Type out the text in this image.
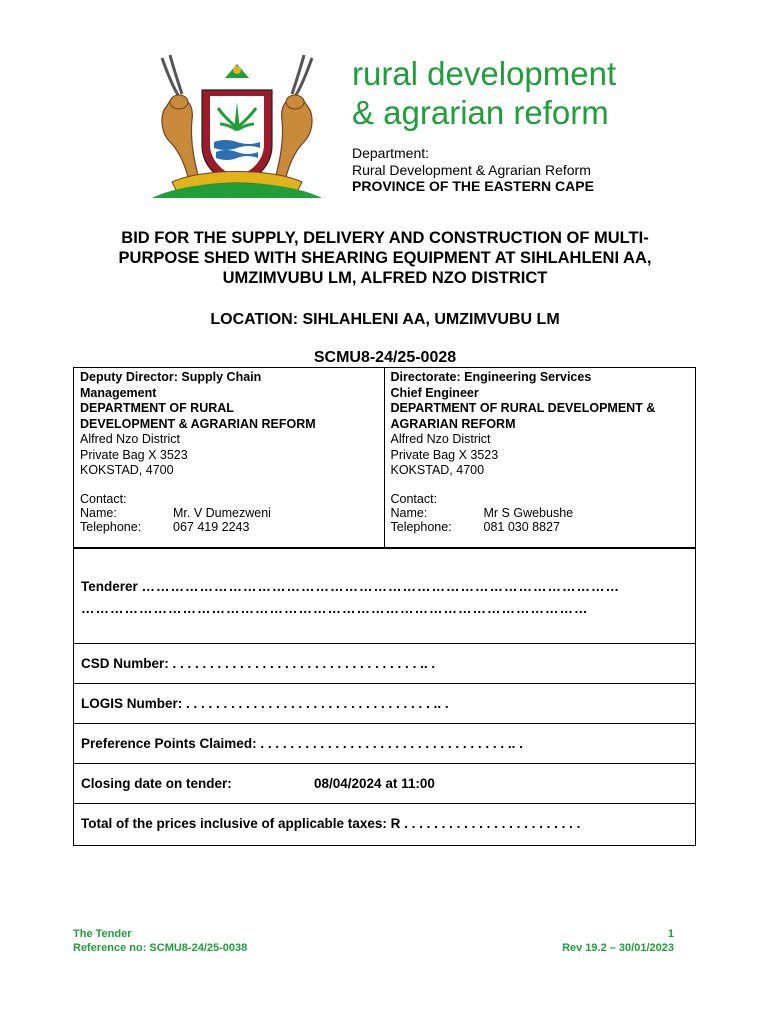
rural development
& agrarian reform
Department:
Rural Development & Agrarian Reform
PROVINCE OF THE EASTERN CAPE
BID FOR THE SUPPLY, DELIVERY AND CONSTRUCTION OF MULTI-
PURPOSE SHED WITH SHEARING EQUIPMENT AT SIHLAHLENI AA,
UMZIMVUBU LM, ALFRED NZO DISTRICT
LOCATION: SIHLAHLENI AA, UMZIMVUBU LM
SCMU8-24/25-0028
Deputy Director: Supply Chain
Management
DEPARTMENT OF RURAL
DEVELOPMENT & AGRARIAN REFORM
Alfred Nzo District
Private Bag X 3523
KOKSTAD, 4700
Contact:
Name:	Mr. V Dumezweni
Telephone:	067 419 2243
Directorate: Engineering Services
Chief Engineer
DEPARTMENT OF RURAL DEVELOPMENT &
AGRARIAN REFORM
Alfred Nzo District
Private Bag X 3523
KOKSTAD, 4700
Contact:
Name:	Mr S Gwebushe
Telephone:	081 030 8827
Tenderer ………………………………………………………………………………………
……………………………………………………………………………………………
CSD Number: . . . . . . . . . . . . . . . . . . . . . . . . . . . . . . . . . .. .
LOGIS Number: . . . . . . . . . . . . . . . . . . . . . . . . . . . . . . . . . .. .
Preference Points Claimed: . . . . . . . . . . . . . . . . . . . . . . . . . . . . . . . . . .. .
Closing date on tender:	08/04/2024 at 11:00
Total of the prices inclusive of applicable taxes: R . . . . . . . . . . . . . . . . . . . . . . . .
The Tender
Reference no: SCMU8-24/25-0038
1
Rev 19.2 – 30/01/2023
